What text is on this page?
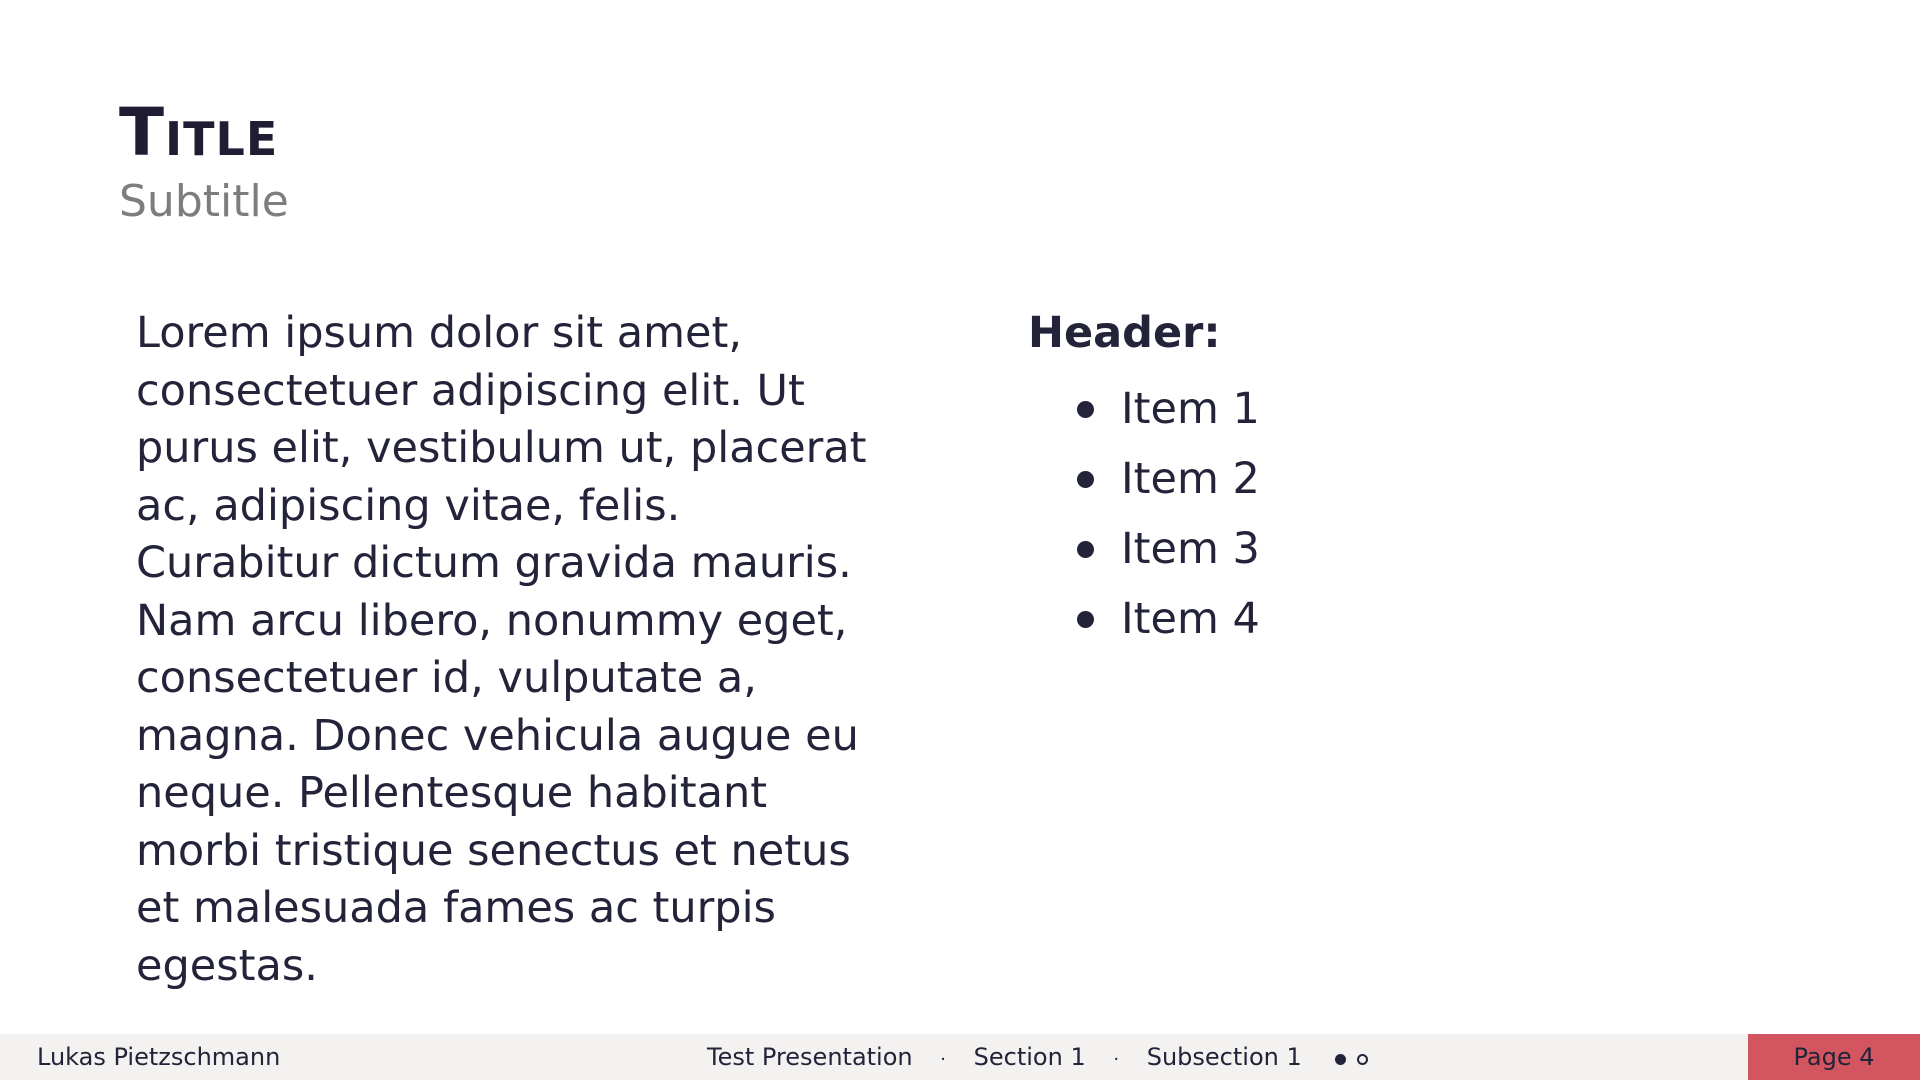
Title
Subtitle

Lorem ipsum dolor sit amet, consectetuer adipiscing elit. Ut purus elit, vestibulum ut, placerat ac, adipiscing vitae, felis. Curabitur dictum gravida mauris. Nam arcu libero, nonummy eget, consectetuer id, vulputate a, magna. Donec vehicula augue eu neque. Pellentesque habitant morbi tristique senectus et netus et malesuada fames ac turpis egestas.

Header:
Item 1
Item 2
Item 3
Item 4
Lukas Pietzschmann	Test Presentation · Section 1 · Subsection 1	Page 4
